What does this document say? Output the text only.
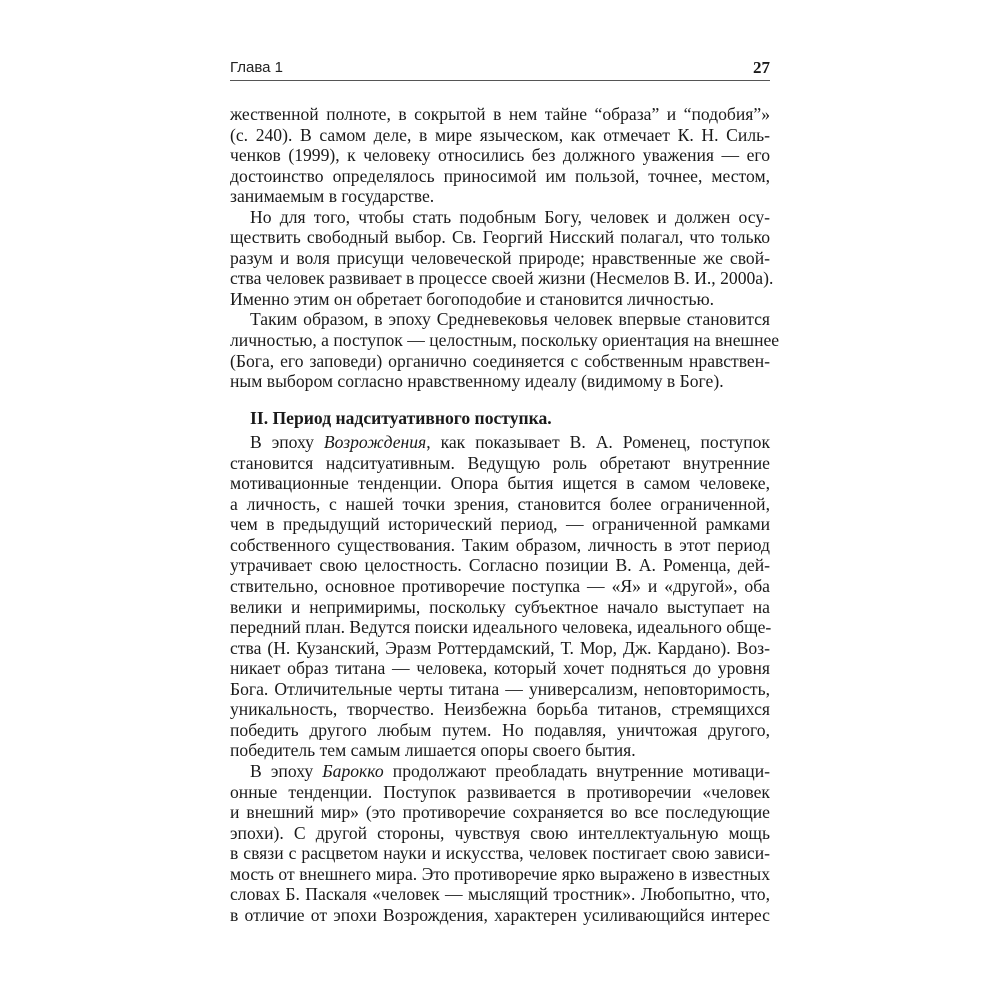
Глава 1	27
жественной полноте, в сокрытой в нем тайне “образа” и “подобия”»
(с. 240). В самом деле, в мире языческом, как отмечает К. Н. Силь-
ченков (1999), к человеку относились без должного уважения — его
достоинство определялось приносимой им пользой, точнее, местом,
занимаемым в государстве.
Но для того, чтобы стать подобным Богу, человек и должен осу-
ществить свободный выбор. Св. Георгий Нисский полагал, что только
разум и воля присущи человеческой природе; нравственные же свой-
ства человек развивает в процессе своей жизни (Несмелов В. И., 2000а).
Именно этим он обретает богоподобие и становится личностью.
Таким образом, в эпоху Средневековья человек впервые становится
личностью, а поступок — целостным, поскольку ориентация на внешнее
(Бога, его заповеди) органично соединяется с собственным нравствен-
ным выбором согласно нравственному идеалу (видимому в Боге).
II. Период надситуативного поступка.
В эпоху Возрождения, как показывает В. А. Роменец, поступок
становится надситуативным. Ведущую роль обретают внутренние
мотивационные тенденции. Опора бытия ищется в самом человеке,
а личность, с нашей точки зрения, становится более ограниченной,
чем в предыдущий исторический период, — ограниченной рамками
собственного существования. Таким образом, личность в этот период
утрачивает свою целостность. Согласно позиции В. А. Роменца, дей-
ствительно, основное противоречие поступка — «Я» и «другой», оба
велики и непримиримы, поскольку субъектное начало выступает на
передний план. Ведутся поиски идеального человека, идеального обще-
ства (Н. Кузанский, Эразм Роттердамский, Т. Мор, Дж. Кардано). Воз-
никает образ титана — человека, который хочет подняться до уровня
Бога. Отличительные черты титана — универсализм, неповторимость,
уникальность, творчество. Неизбежна борьба титанов, стремящихся
победить другого любым путем. Но подавляя, уничтожая другого,
победитель тем самым лишается опоры своего бытия.
В эпоху Барокко продолжают преобладать внутренние мотиваци-
онные тенденции. Поступок развивается в противоречии «человек
и внешний мир» (это противоречие сохраняется во все последующие
эпохи). С другой стороны, чувствуя свою интеллектуальную мощь
в связи с расцветом науки и искусства, человек постигает свою зависи-
мость от внешнего мира. Это противоречие ярко выражено в известных
словах Б. Паскаля «человек — мыслящий тростник». Любопытно, что,
в отличие от эпохи Возрождения, характерен усиливающийся интерес
